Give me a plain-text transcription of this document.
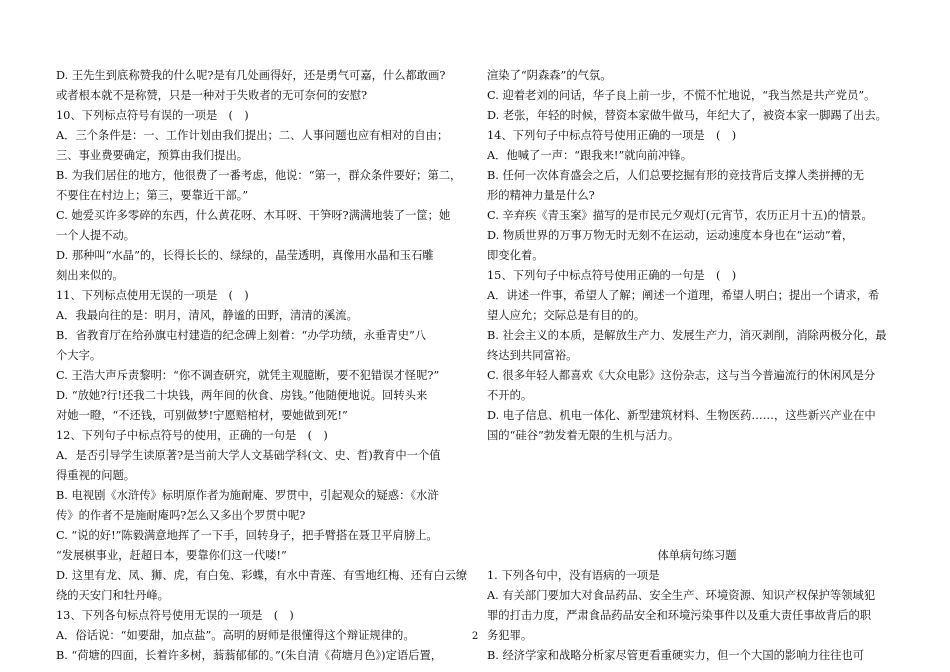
D. 王先生到底称赞我的什么呢?是有几处画得好，还是勇气可嘉，什么都敢画?
或者根本就不是称赞，只是一种对于失败者的无可奈何的安慰?
10、下列标点符号有误的一项是　(　)
A．三个条件是：一、工作计划由我们提出；二、人事问题也应有相对的自由；
三、事业费要确定，预算由我们提出。
B. 为我们居住的地方，他很费了一番考虑，他说：“第一，群众条件要好；第二，
不要住在村边上；第三，要靠近干部。”
C. 她爱买许多零碎的东西，什么黄花呀、木耳呀、干笋呀?满满地装了一筐；她
一个人提不动。
D. 那种叫“水晶”的，长得长长的、绿绿的，晶莹透明，真像用水晶和玉石雕
刻出来似的。
11、下列标点使用无误的一项是　(　)
A．我最向往的是：明月，清风，静谧的田野，清清的溪流。
B．省教育厅在给孙旗屯村建造的纪念碑上刻着：“办学功绩，永垂青史”八
个大字。
C. 王浩大声斥责黎明：“你不调查研究，就凭主观臆断，要不犯错误才怪呢?”
D. “放她?行!还我二十块钱，两年间的伙食、房钱。”他随便地说。回转头来
对她一瞪，“不还钱，可别做梦!宁愿赔棺材，要她做到死!”
12、下列句子中标点符号的使用，正确的一句是　(　)
A．是否引导学生读原著?是当前大学人文基础学科(文、史、哲)教育中一个值
得重视的问题。
B. 电视剧《水浒传》标明原作者为施耐庵、罗贯中，引起观众的疑惑：《水浒
传》的作者不是施耐庵吗?怎么又多出个罗贯中呢?
C. “说的好!”陈毅满意地挥了一下手，回转身子，把手臂搭在聂卫平肩膀上。
“发展棋事业，赶超日本，要靠你们这一代喽!”
D. 这里有龙、凤、狮、虎，有白兔、彩蝶，有水中青莲、有雪地红梅、还有白云缭
绕的天安门和牡丹峰。
13、下列各句标点符号使用无误的一项是　(　)
A．俗话说：“如要甜，加点盐”。高明的厨师是很懂得这个辩证规律的。
B. “荷塘的四面，长着许多树，蓊蓊郁郁的。”(朱自清《荷塘月色》)定语后置，
渲染了“阴森森”的气氛。
C. 迎着老刘的问话，华子良上前一步，不慌不忙地说，“我当然是共产党员”。
D. 老张，年轻的时候，替资本家做牛做马，年纪大了，被资本家一脚踢了出去。
14、下列句子中标点符号使用正确的一项是　(　)
A．他喊了一声：“跟我来!”就向前冲锋。
B. 任何一次体育盛会之后，人们总要挖掘有形的竞技背后支撑人类拼搏的无
形的精神力量是什么?
C. 辛弃疾《青玉案》描写的是市民元夕观灯(元宵节，农历正月十五)的情景。
D. 物质世界的万事万物无时无刻不在运动，运动速度本身也在“运动”着，
即变化着。
15、下列句子中标点符号使用正确的一句是　(　)
A．讲述一件事，希望人了解；阐述一个道理，希望人明白；提出一个请求，希
望人应允；交际总是有目的的。
B. 社会主义的本质，是解放生产力、发展生产力，消灭剥削，消除两极分化，最
终达到共同富裕。
C. 很多年轻人都喜欢《大众电影》这份杂志，这与当今普遍流行的休闲风是分
不开的。
D. 电子信息、机电一体化、新型建筑材料、生物医药……，这些新兴产业在中
国的“硅谷”勃发着无限的生机与活力。
体单病句练习题
1. 下列各句中，没有语病的一项是
A. 有关部门要加大对食品药品、安全生产、环境资源、知识产权保护等领域犯
罪的打击力度，严肃食品药品安全和环境污染事件以及重大责任事故背后的职
务犯罪。
B. 经济学家和战略分析家尽管更看重硬实力，但一个大国的影响力往往也可
2
